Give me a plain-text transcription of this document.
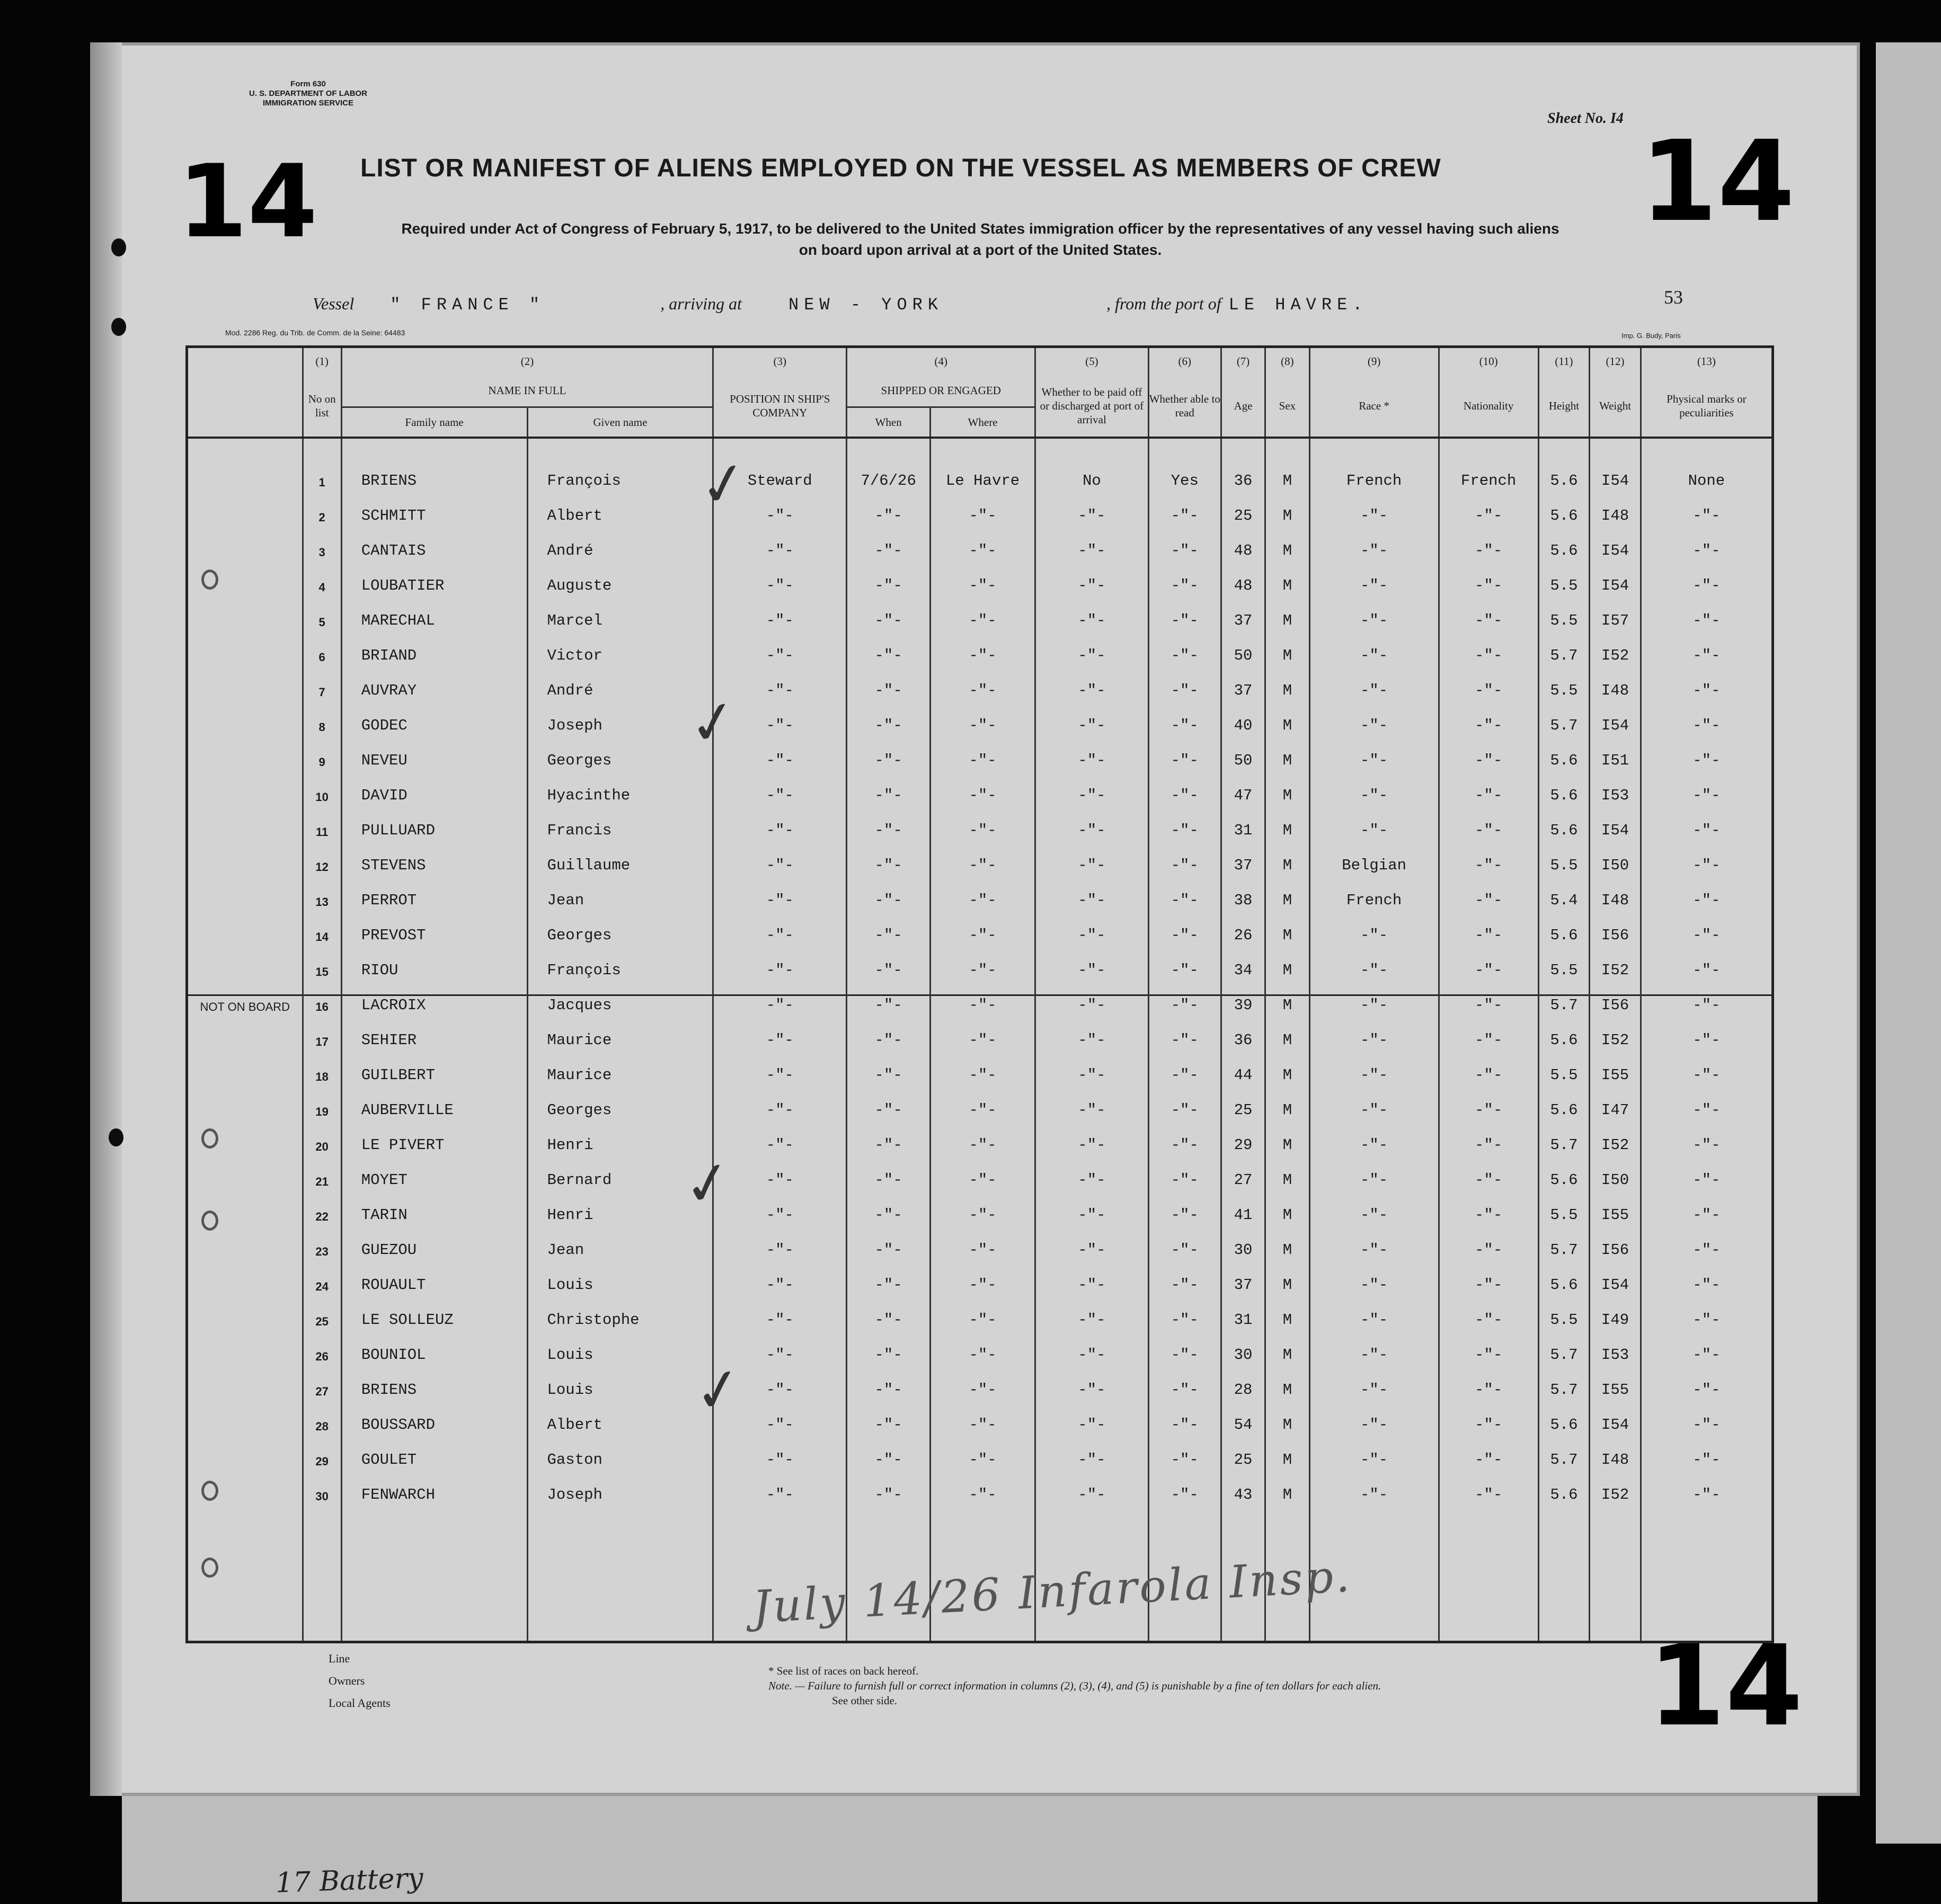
14	14
14
Form 630
U. S. DEPARTMENT OF LABOR
IMMIGRATION SERVICE
Sheet No. I4
LIST OR MANIFEST OF ALIENS EMPLOYED ON THE VESSEL AS MEMBERS OF CREW
Required under Act of Congress of February 5, 1917, to be delivered to the United States immigration officer by the representatives of any vessel having such aliens
on board upon arrival at a port of the United States.
Vessel " FRANCE "	, arriving at	NEW - YORK	, from the port of LE HAVRE.	53
Mod. 2286 Reg. du Trib. de Comm. de la Seine: 64483	Imp. G. Budy, Paris
	(1)	(2)		(3)	(4)		(5)	(6)	(7)	(8)	(9)	(10)	(11)	(12)	(13)
	No on list	NAME IN FULL		POSITION IN SHIP'S COMPANY	SHIPPED OR ENGAGED		Whether to be paid off or discharged at port of arrival	Whether able to read	Age	Sex	Race *	Nationality	Height	Weight	Physical marks or peculiarities
		Family name	Given name		When	Where									
	1	BRIENS	François	Steward	7/6/26	Le Havre	No	Yes	36	M	French	French	5.6	I54	None
	2	SCHMITT	Albert	-"-	-"-	-"-	-"-	-"-	25	M	-"-	-"-	5.6	I48	-"-
	3	CANTAIS	André	-"-	-"-	-"-	-"-	-"-	48	M	-"-	-"-	5.6	I54	-"-
	4	LOUBATIER	Auguste	-"-	-"-	-"-	-"-	-"-	48	M	-"-	-"-	5.5	I54	-"-
	5	MARECHAL	Marcel	-"-	-"-	-"-	-"-	-"-	37	M	-"-	-"-	5.5	I57	-"-
	6	BRIAND	Victor	-"-	-"-	-"-	-"-	-"-	50	M	-"-	-"-	5.7	I52	-"-
	7	AUVRAY	André	-"-	-"-	-"-	-"-	-"-	37	M	-"-	-"-	5.5	I48	-"-
	8	GODEC	Joseph	-"-	-"-	-"-	-"-	-"-	40	M	-"-	-"-	5.7	I54	-"-
	9	NEVEU	Georges	-"-	-"-	-"-	-"-	-"-	50	M	-"-	-"-	5.6	I51	-"-
	10	DAVID	Hyacinthe	-"-	-"-	-"-	-"-	-"-	47	M	-"-	-"-	5.6	I53	-"-
	11	PULLUARD	Francis	-"-	-"-	-"-	-"-	-"-	31	M	-"-	-"-	5.6	I54	-"-
	12	STEVENS	Guillaume	-"-	-"-	-"-	-"-	-"-	37	M	Belgian	-"-	5.5	I50	-"-
	13	PERROT	Jean	-"-	-"-	-"-	-"-	-"-	38	M	French	-"-	5.4	I48	-"-
	14	PREVOST	Georges	-"-	-"-	-"-	-"-	-"-	26	M	-"-	-"-	5.6	I56	-"-
	15	RIOU	François	-"-	-"-	-"-	-"-	-"-	34	M	-"-	-"-	5.5	I52	-"-
NOT ON BOARD	16	LACROIX	Jacques	-"-	-"-	-"-	-"-	-"-	39	M	-"-	-"-	5.7	I56	-"-
	17	SEHIER	Maurice	-"-	-"-	-"-	-"-	-"-	36	M	-"-	-"-	5.6	I52	-"-
	18	GUILBERT	Maurice	-"-	-"-	-"-	-"-	-"-	44	M	-"-	-"-	5.5	I55	-"-
	19	AUBERVILLE	Georges	-"-	-"-	-"-	-"-	-"-	25	M	-"-	-"-	5.6	I47	-"-
	20	LE PIVERT	Henri	-"-	-"-	-"-	-"-	-"-	29	M	-"-	-"-	5.7	I52	-"-
	21	MOYET	Bernard	-"-	-"-	-"-	-"-	-"-	27	M	-"-	-"-	5.6	I50	-"-
	22	TARIN	Henri	-"-	-"-	-"-	-"-	-"-	41	M	-"-	-"-	5.5	I55	-"-
	23	GUEZOU	Jean	-"-	-"-	-"-	-"-	-"-	30	M	-"-	-"-	5.7	I56	-"-
	24	ROUAULT	Louis	-"-	-"-	-"-	-"-	-"-	37	M	-"-	-"-	5.6	I54	-"-
	25	LE SOLLEUZ	Christophe	-"-	-"-	-"-	-"-	-"-	31	M	-"-	-"-	5.5	I49	-"-
	26	BOUNIOL	Louis	-"-	-"-	-"-	-"-	-"-	30	M	-"-	-"-	5.7	I53	-"-
	27	BRIENS	Louis	-"-	-"-	-"-	-"-	-"-	28	M	-"-	-"-	5.7	I55	-"-
	28	BOUSSARD	Albert	-"-	-"-	-"-	-"-	-"-	54	M	-"-	-"-	5.6	I54	-"-
	29	GOULET	Gaston	-"-	-"-	-"-	-"-	-"-	25	M	-"-	-"-	5.7	I48	-"-
	30	FENWARCH	Joseph	-"-	-"-	-"-	-"-	-"-	43	M	-"-	-"-	5.6	I52	-"-

✓
✓
✓
✓
July 14/26 Infarola Insp.
Line
Owners
Local Agents
* See list of races on back hereof.
Note. — Failure to furnish full or correct information in columns (2), (3), (4), and (5) is punishable by a fine of ten dollars for each alien.
See other side.
17 Battery
